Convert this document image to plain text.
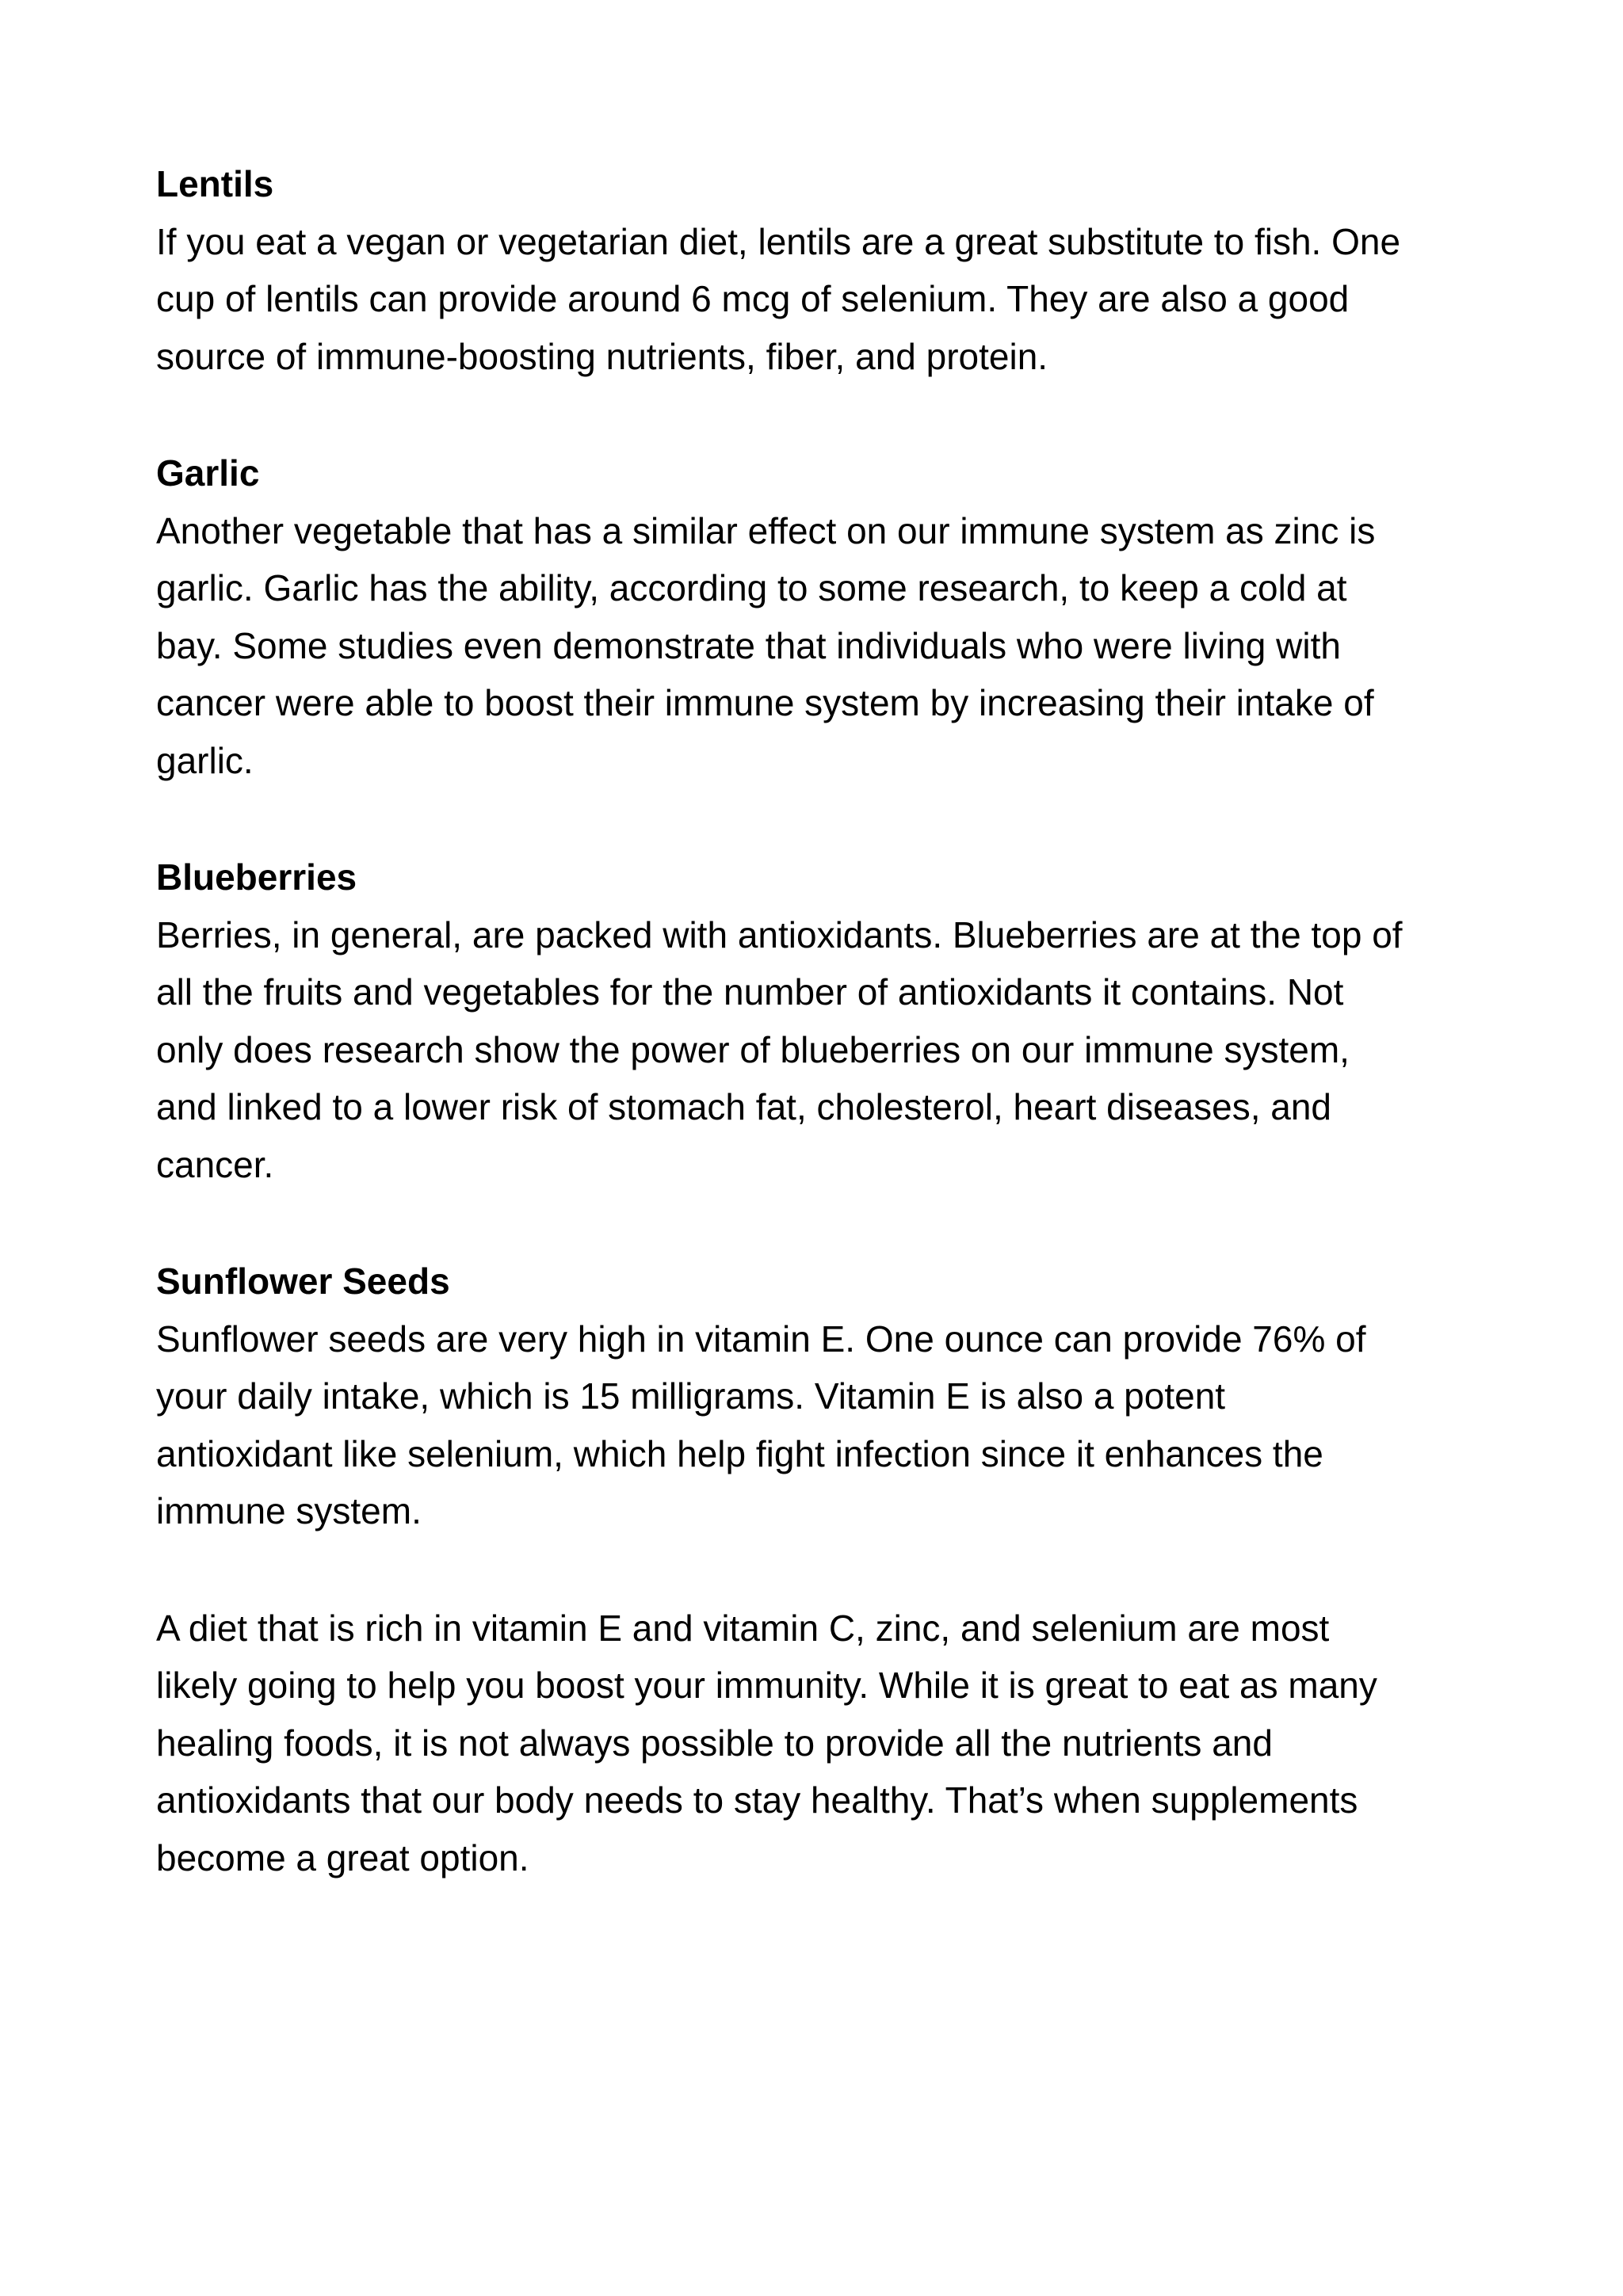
Lentils

If you eat a vegan or vegetarian diet, lentils are a great substitute to fish. One
cup of lentils can provide around 6 mcg of selenium. They are also a good
source of immune-boosting nutrients, fiber, and protein.

Garlic

Another vegetable that has a similar effect on our immune system as zinc is
garlic. Garlic has the ability, according to some research, to keep a cold at
bay. Some studies even demonstrate that individuals who were living with
cancer were able to boost their immune system by increasing their intake of
garlic.

Blueberries

Berries, in general, are packed with antioxidants. Blueberries are at the top of
all the fruits and vegetables for the number of antioxidants it contains. Not
only does research show the power of blueberries on our immune system,
and linked to a lower risk of stomach fat, cholesterol, heart diseases, and
cancer.

Sunflower Seeds

Sunflower seeds are very high in vitamin E. One ounce can provide 76% of
your daily intake, which is 15 milligrams. Vitamin E is also a potent
antioxidant like selenium, which help fight infection since it enhances the
immune system.

A diet that is rich in vitamin E and vitamin C, zinc, and selenium are most
likely going to help you boost your immunity. While it is great to eat as many
healing foods, it is not always possible to provide all the nutrients and
antioxidants that our body needs to stay healthy. That’s when supplements
become a great option.
